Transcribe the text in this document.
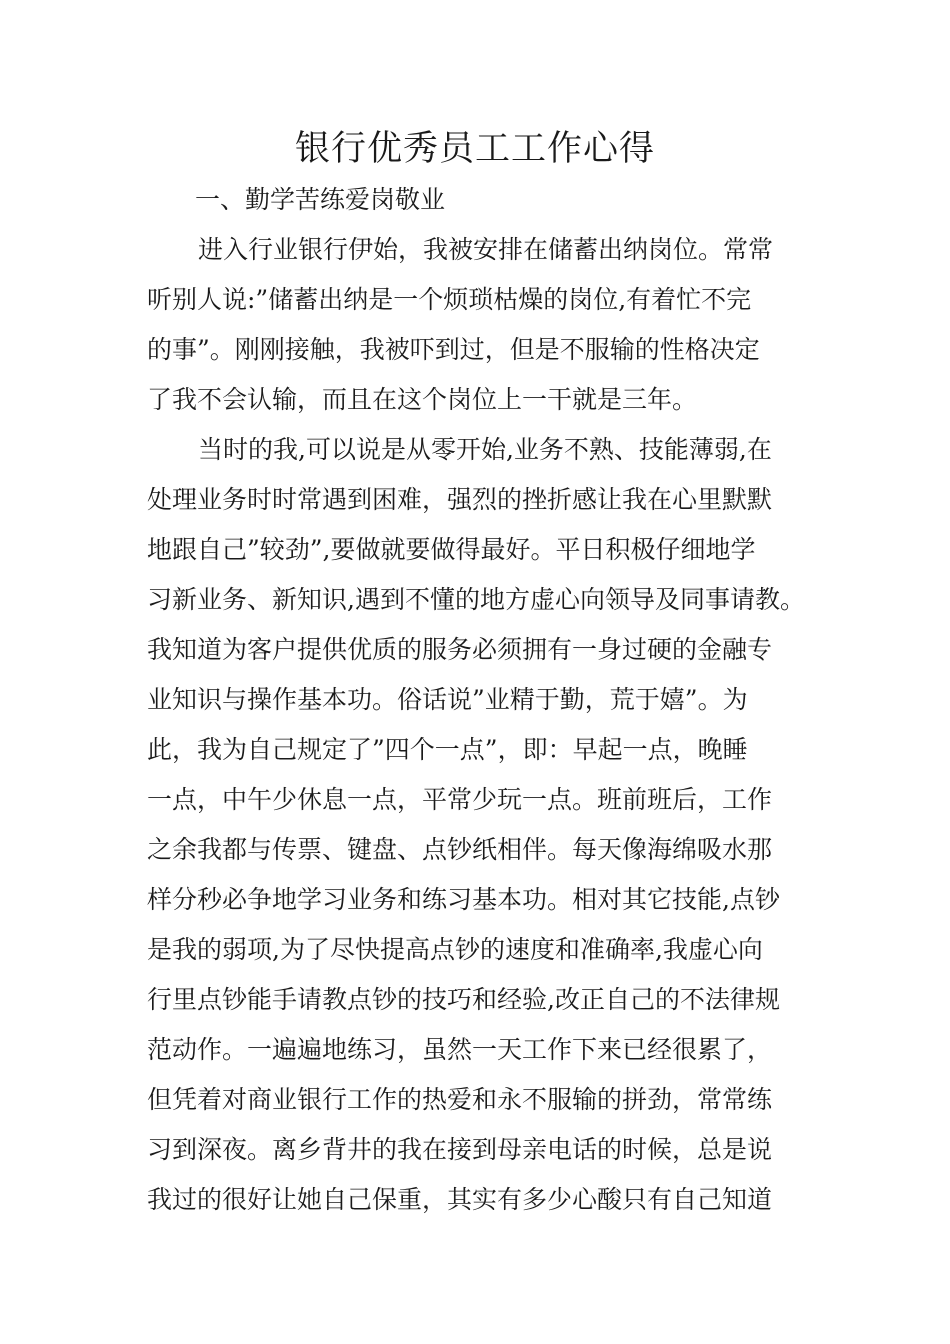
银行优秀员工工作心得

一、勤学苦练爱岗敬业

进入行业银行伊始，我被安排在储蓄出纳岗位。常常

听别人说:”储蓄出纳是一个烦琐枯燥的岗位,有着忙不完

的事”。刚刚接触，我被吓到过，但是不服输的性格决定

了我不会认输，而且在这个岗位上一干就是三年。

当时的我,可以说是从零开始,业务不熟、技能薄弱,在

处理业务时时常遇到困难，强烈的挫折感让我在心里默默

地跟自己”较劲”,要做就要做得最好。平日积极仔细地学

习新业务、新知识,遇到不懂的地方虚心向领导及同事请教。

我知道为客户提供优质的服务必须拥有一身过硬的金融专

业知识与操作基本功。俗话说”业精于勤，荒于嬉”。为

此，我为自己规定了”四个一点”，即：早起一点，晚睡

一点，中午少休息一点，平常少玩一点。班前班后，工作

之余我都与传票、键盘、点钞纸相伴。每天像海绵吸水那

样分秒必争地学习业务和练习基本功。相对其它技能,点钞

是我的弱项,为了尽快提高点钞的速度和准确率,我虚心向

行里点钞能手请教点钞的技巧和经验,改正自己的不法律规

范动作。一遍遍地练习，虽然一天工作下来已经很累了，

但凭着对商业银行工作的热爱和永不服输的拼劲，常常练

习到深夜。离乡背井的我在接到母亲电话的时候，总是说

我过的很好让她自己保重，其实有多少心酸只有自己知道
